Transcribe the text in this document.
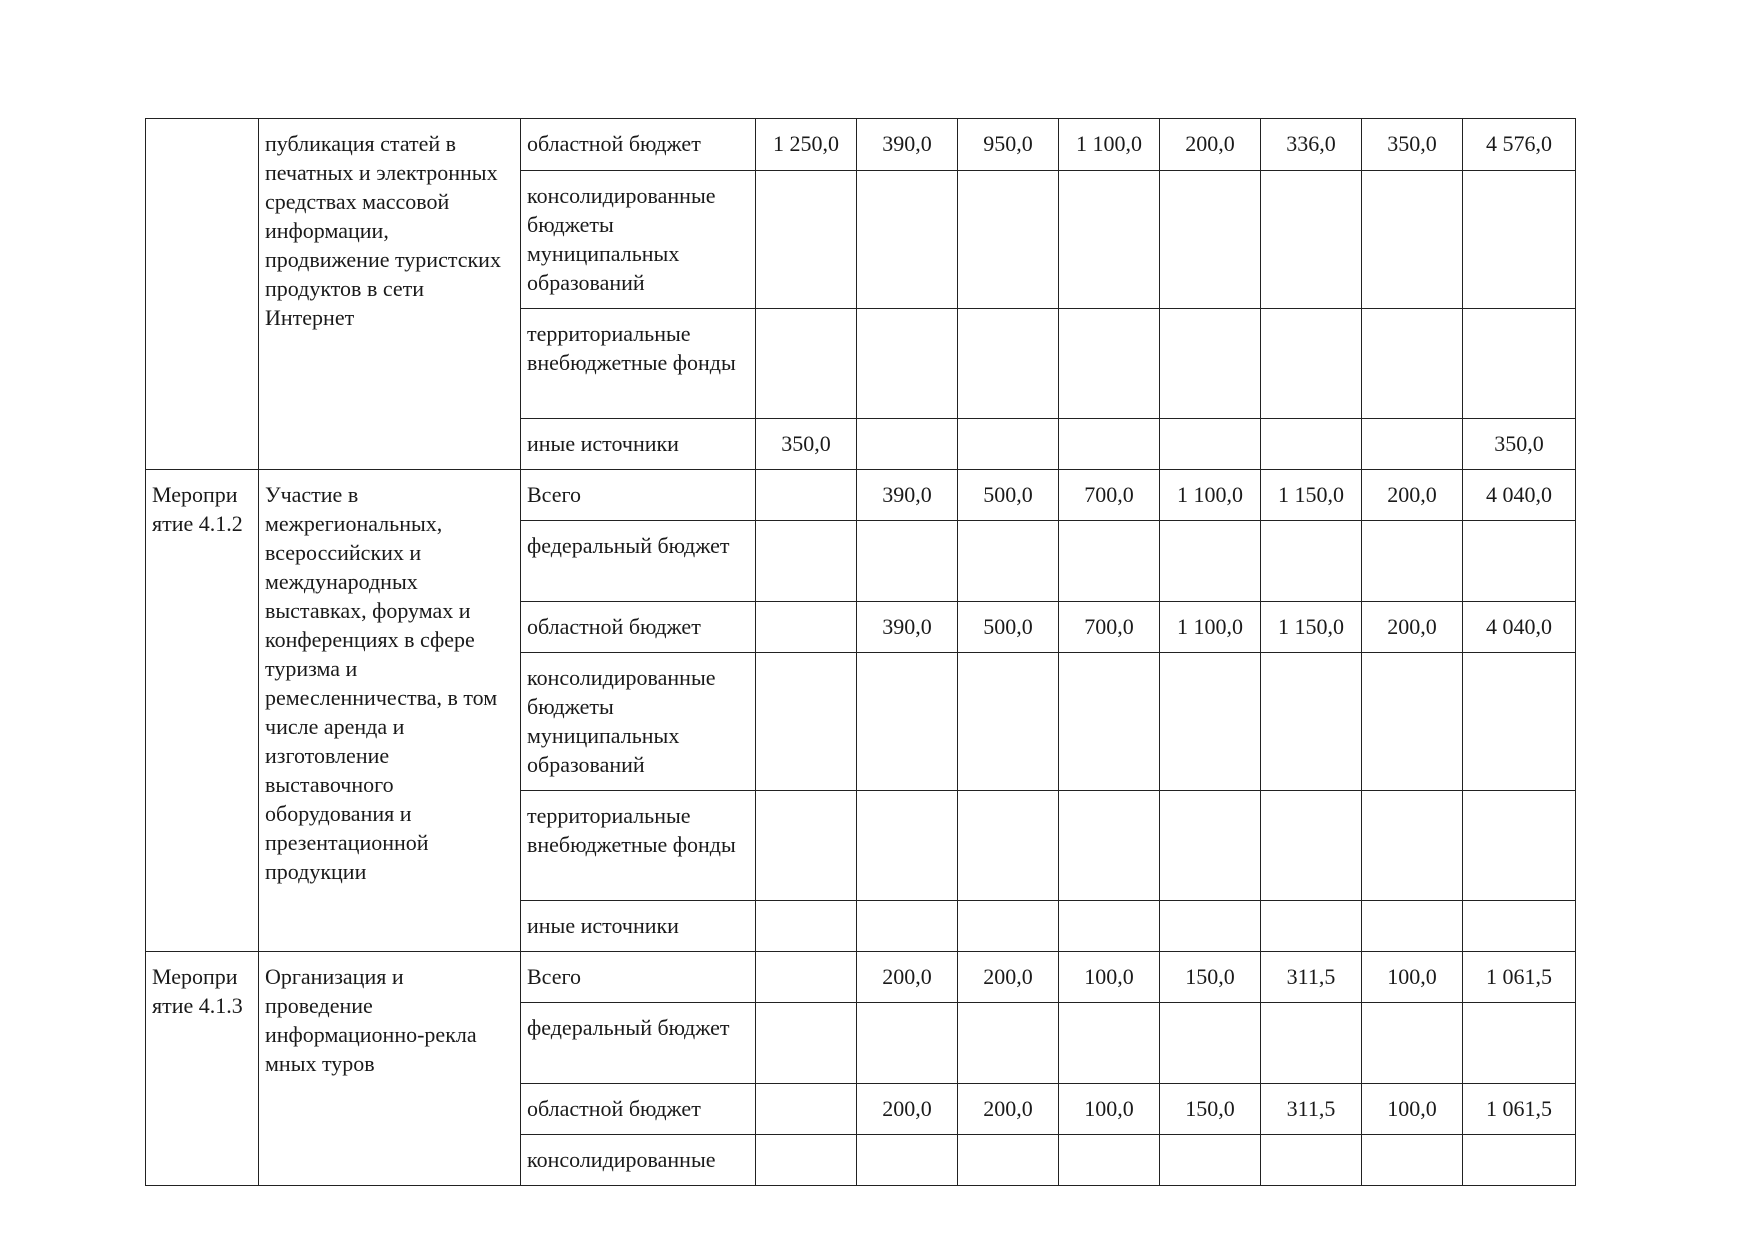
	публикация статей в печатных и электронных средствах массовой информации, продвижение туристских продуктов в сети Интернет	областной бюджет	1 250,0	390,0	950,0	1 100,0	200,0	336,0	350,0	4 576,0
		консолидированные бюджеты муниципальных образований								
		территориальные внебюджетные фонды								
		иные источники	350,0							350,0

Меропри ятие 4.1.2	Участие в межрегиональных, всероссийских и международных выставках, форумах и конференциях в сфере туризма и ремесленничества, в том числе аренда и изготовление выставочного оборудования и презентационной продукции	Всего		390,0	500,0	700,0	1 100,0	1 150,0	200,0	4 040,0
		федеральный бюджет								
		областной бюджет		390,0	500,0	700,0	1 100,0	1 150,0	200,0	4 040,0
		консолидированные бюджеты муниципальных образований								
		территориальные внебюджетные фонды								
		иные источники								

Меропри ятие 4.1.3	Организация и проведение информационно-рекла мных туров	Всего		200,0	200,0	100,0	150,0	311,5	100,0	1 061,5
		федеральный бюджет								
		областной бюджет		200,0	200,0	100,0	150,0	311,5	100,0	1 061,5
		консолидированные								
